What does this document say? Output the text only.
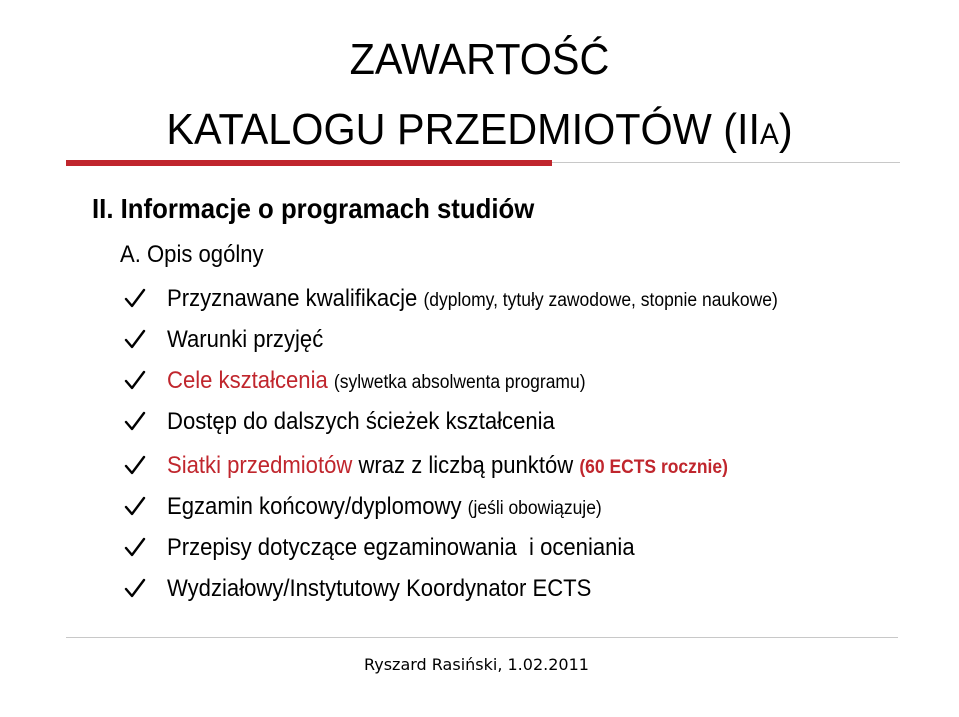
ZAWARTOŚĆ
KATALOGU PRZEDMIOTÓW (IIA)
II. Informacje o programach studiów
A. Opis ogólny
Przyznawane kwalifikacje (dyplomy, tytuły zawodowe, stopnie naukowe)
Warunki przyjęć
Cele kształcenia (sylwetka absolwenta programu)
Dostęp do dalszych ścieżek kształcenia
Siatki przedmiotów wraz z liczbą punktów (60 ECTS rocznie)
Egzamin końcowy/dyplomowy (jeśli obowiązuje)
Przepisy dotyczące egzaminowania  i oceniania
Wydziałowy/Instytutowy Koordynator ECTS
Ryszard Rasiński, 1.02.2011
